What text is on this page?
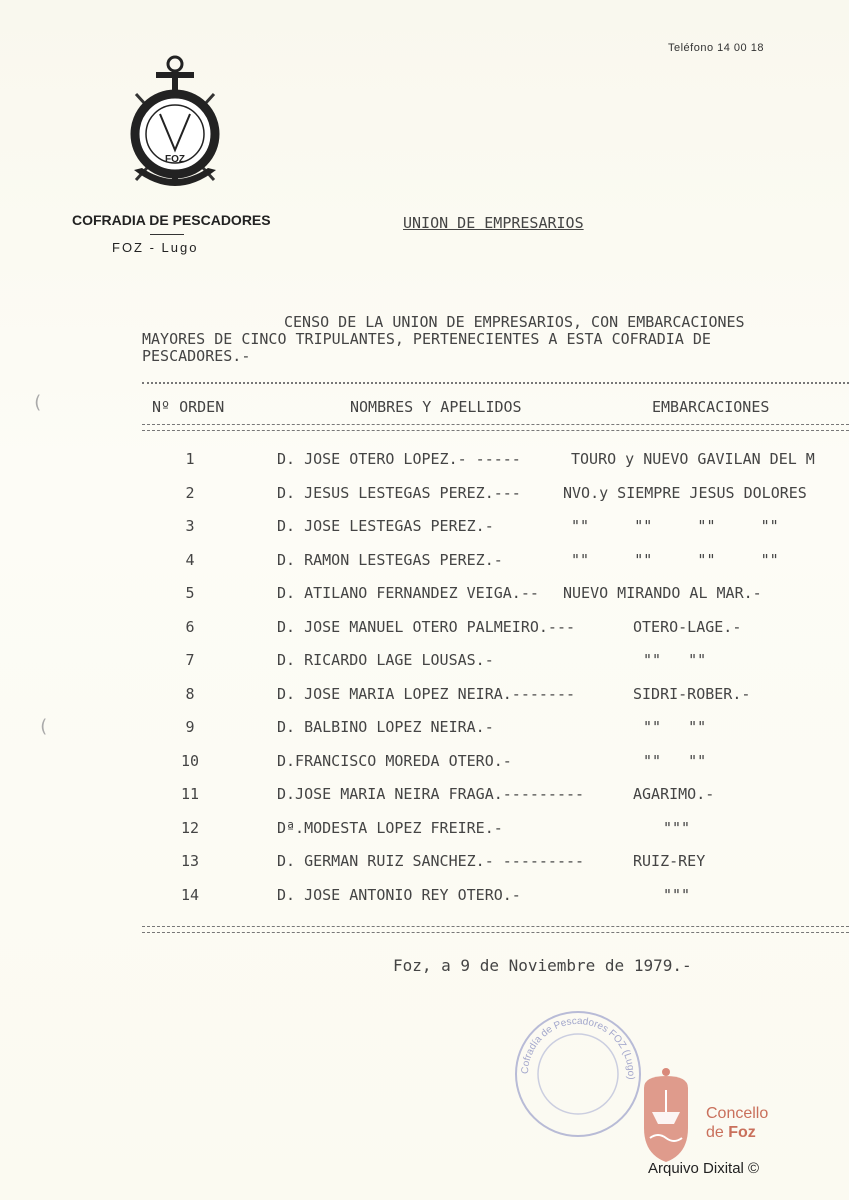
Teléfono 14 00 18
FOZ
COFRADIA DE PESCADORES
FOZ - Lugo
UNION DE EMPRESARIOS
CENSO DE LA UNION DE EMPRESARIOS, CON EMBARCACIONES
MAYORES DE CINCO TRIPULANTES, PERTENECIENTES A ESTA COFRADIA DE
PESCADORES.-
Nº ORDEN	NOMBRES Y APELLIDOS	EMBARCACIONES
1	D. JOSE OTERO LOPEZ.- -----	TOURO y NUEVO GAVILAN DEL M
2	D. JESUS LESTEGAS PEREZ.---	NVO.y SIEMPRE JESUS DOLORES
3	D. JOSE LESTEGAS PEREZ.-	""     ""     ""     ""
4	D. RAMON LESTEGAS PEREZ.-	""     ""     ""     ""
5	D. ATILANO FERNANDEZ VEIGA.-- NUEVO MIRANDO AL MAR.-
6	D. JOSE MANUEL OTERO PALMEIRO.---	OTERO-LAGE.-
7	D. RICARDO LAGE LOUSAS.-	""   ""
8	D. JOSE MARIA LOPEZ NEIRA.-------	SIDRI-ROBER.-
9	D. BALBINO LOPEZ NEIRA.-	""   ""
10	D.FRANCISCO MOREDA OTERO.-	""   ""
11	D.JOSE MARIA NEIRA FRAGA.---------	AGARIMO.-
12	Dª.MODESTA LOPEZ FREIRE.-	"""
13	D. GERMAN RUIZ SANCHEZ.- ---------	RUIZ-REY
14	D. JOSE ANTONIO REY OTERO.-	"""
Foz, a 9 de Noviembre de 1979.-
Cofradía de Pescadores FOZ (Lugo)
Concello
de Foz
Arquivo Dixital ©
(
(
